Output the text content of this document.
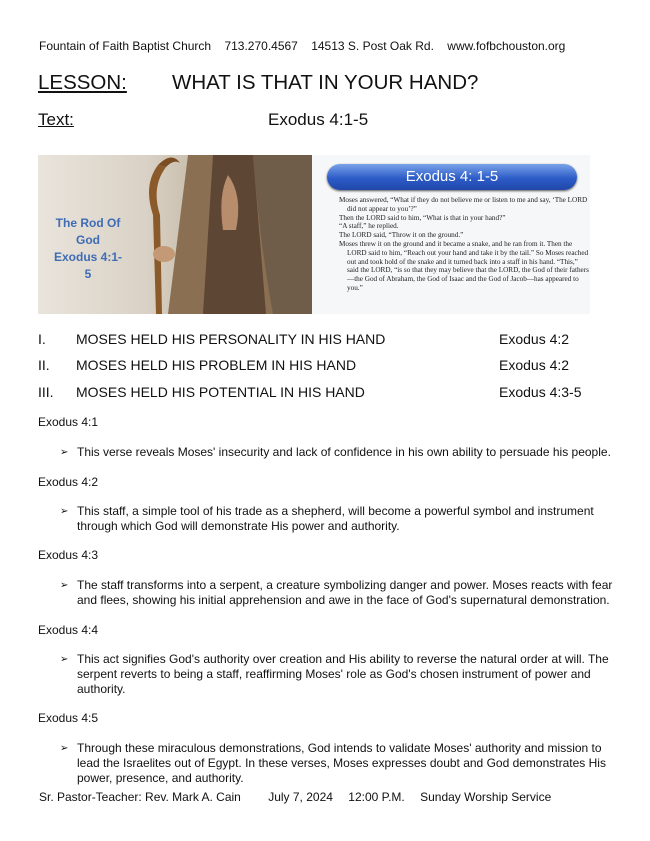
Fountain of Faith Baptist Church 713.270.4567 14513 S. Post Oak Rd. www.fofbchouston.org
LESSON: WHAT IS THAT IN YOUR HAND?
Text:	Exodus 4:1-5
The Rod Of God
Exodus 4:1-5
Exodus 4: 1-5

Moses answered, “What if they do not believe me or listen to me and say, ‘The LORD did not appear to you’?”

Then the LORD said to him, “What is that in your hand?”

“A staff,” he replied.

The LORD said, “Throw it on the ground.”

Moses threw it on the ground and it became a snake, and he ran from it. Then the LORD said to him, “Reach out your hand and take it by the tail.” So Moses reached out and took hold of the snake and it turned back into a staff in his hand. “This,” said the LORD, “is so that they may believe that the LORD, the God of their fathers—the God of Abraham, the God of Isaac and the God of Jacob—has appeared to you.”

I. MOSES HELD HIS PERSONALITY IN HIS HAND	Exodus 4:2
II. MOSES HELD HIS PROBLEM IN HIS HAND	Exodus 4:2
III. MOSES HELD HIS POTENTIAL IN HIS HAND	Exodus 4:3-5
Exodus 4:1
➢ This verse reveals Moses' insecurity and lack of confidence in his own ability to persuade his people.
Exodus 4:2
➢ This staff, a simple tool of his trade as a shepherd, will become a powerful symbol and instrument through which God will demonstrate His power and authority.
Exodus 4:3
➢ The staff transforms into a serpent, a creature symbolizing danger and power. Moses reacts with fear and flees, showing his initial apprehension and awe in the face of God's supernatural demonstration.
Exodus 4:4
➢ This act signifies God's authority over creation and His ability to reverse the natural order at will. The serpent reverts to being a staff, reaffirming Moses' role as God's chosen instrument of power and authority.
Exodus 4:5
➢ Through these miraculous demonstrations, God intends to validate Moses' authority and mission to lead the Israelites out of Egypt. In these verses, Moses expresses doubt and God demonstrates His power, presence, and authority.
Sr. Pastor-Teacher: Rev. Mark A. Cain July 7, 2024 12:00 P.M. Sunday Worship Service
